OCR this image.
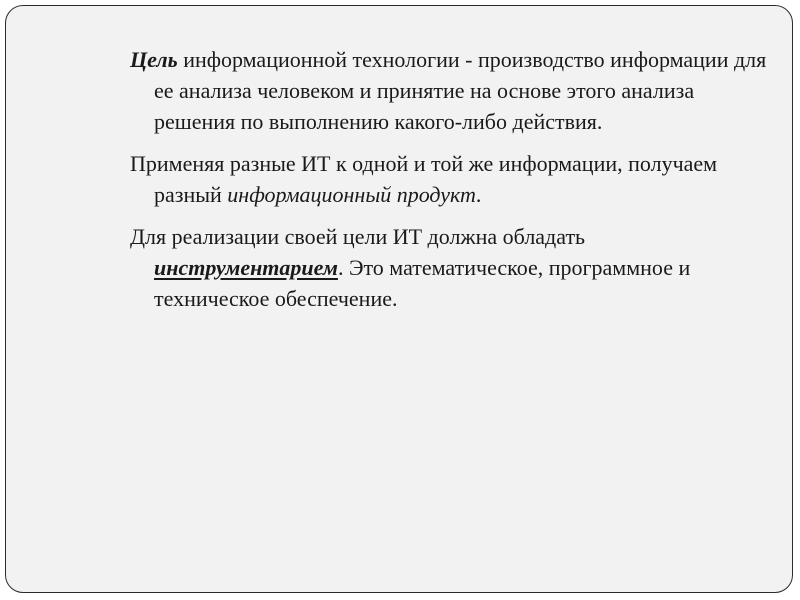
Цель информационной технологии - производство информации для ее анализа человеком и принятие на основе этого анализа решения по выполнению какого-либо действия.

Применяя разные ИТ к одной и той же информации, получаем разный информационный продукт.

Для реализации своей цели ИТ должна обладать инструментарием. Это математическое, программное и техническое обеспечение.
